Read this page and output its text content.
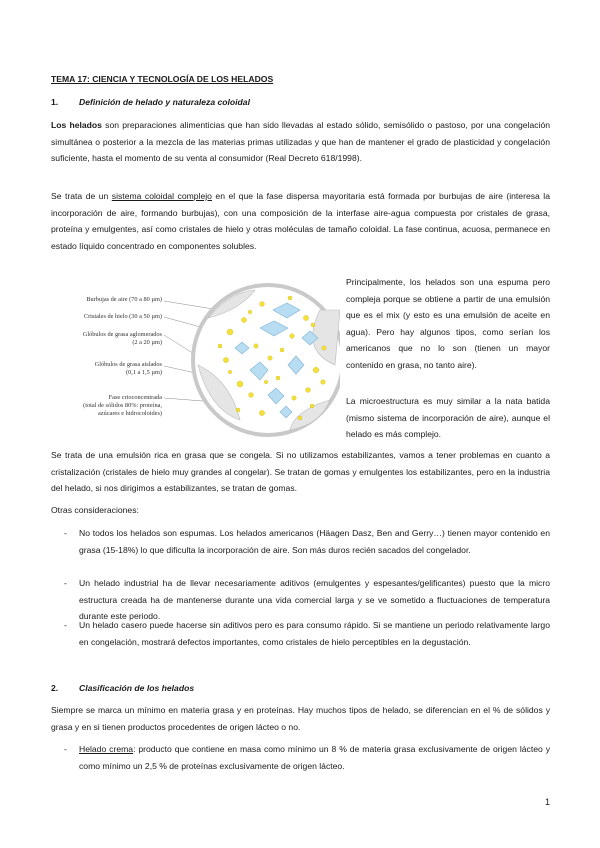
TEMA 17: CIENCIA Y TECNOLOGÍA DE LOS HELADOS
1. Definición de helado y naturaleza coloidal
Los helados son preparaciones alimenticias que han sido llevadas al estado sólido, semisólido o pastoso, por una congelación simultánea o posterior a la mezcla de las materias primas utilizadas y que han de mantener el grado de plasticidad y congelación suficiente, hasta el momento de su venta al consumidor (Real Decreto 618/1998).
Se trata de un sistema coloidal complejo en el que la fase dispersa mayoritaria está formada por burbujas de aire (interesa la incorporación de aire, formando burbujas), con una composición de la interfase aire-agua compuesta por cristales de grasa, proteína y emulgentes, así como cristales de hielo y otras moléculas de tamaño coloidal. La fase continua, acuosa, permanece en estado líquido concentrado en componentes solubles.
Burbujas de aire (70 a 80 µm)
Cristales de hielo (30 a 50 µm)
Glóbulos de grasa aglomerados
(2 a 20 µm)
Glóbulos de grasa aislados
(0,1 a 1,5 µm)
Fase crioconcentrada
(total de sólidos 80%: proteína,
azúcares e hidrocoloides)
Principalmente, los helados son una espuma pero compleja porque se obtiene a partir de una emulsión que es el mix (y esto es una emulsión de aceite en agua). Pero hay algunos tipos, como serían los americanos que no lo son (tienen un mayor contenido en grasa, no tanto aire).
La microestructura es muy similar a la nata batida (mismo sistema de incorporación de aire), aunque el helado es más complejo.
Se trata de una emulsión rica en grasa que se congela. Si no utilizamos estabilizantes, vamos a tener problemas en cuanto a cristalización (cristales de hielo muy grandes al congelar). Se tratan de gomas y emulgentes los estabilizantes, pero en la industria del helado, si nos dirigimos a estabilizantes, se tratan de gomas.
Otras consideraciones:
- No todos los helados son espumas. Los helados americanos (Häagen Dasz, Ben and Gerry…) tienen mayor contenido en grasa (15-18%) lo que dificulta la incorporación de aire. Son más duros recién sacados del congelador.
- Un helado industrial ha de llevar necesariamente aditivos (emulgentes y espesantes/gelificantes) puesto que la micro estructura creada ha de mantenerse durante una vida comercial larga y se ve sometido a fluctuaciones de temperatura durante este periodo.
- Un helado casero puede hacerse sin aditivos pero es para consumo rápido. Si se mantiene un periodo relativamente largo en congelación, mostrará defectos importantes, como cristales de hielo perceptibles en la degustación.
2. Clasificación de los helados
Siempre se marca un mínimo en materia grasa y en proteínas. Hay muchos tipos de helado, se diferencian en el % de sólidos y grasa y en si tienen productos procedentes de origen lácteo o no.
- Helado crema: producto que contiene en masa como mínimo un 8 % de materia grasa exclusivamente de origen lácteo y como mínimo un 2,5 % de proteínas exclusivamente de origen lácteo.
1
